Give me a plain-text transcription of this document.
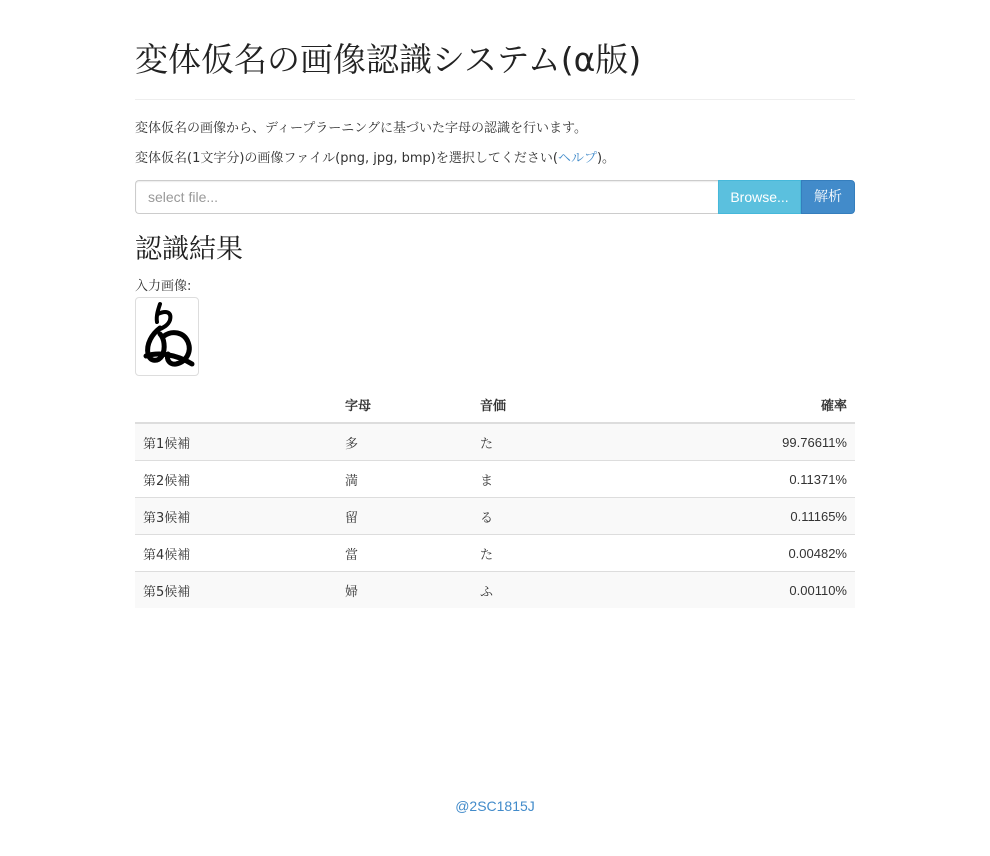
変体仮名の画像認識システム(α版)

変体仮名の画像から、ディープラーニングに基づいた字母の認識を行います。

変体仮名(1文字分)の画像ファイル(png, jpg, bmp)を選択してください(ヘルプ)。

select file...
Browse...	解析
認識結果
入力画像:
	字母	音価	確率
第1候補	多	た	99.76611%
第2候補	満	ま	0.11371%
第3候補	留	る	0.11165%
第4候補	當	た	0.00482%
第5候補	婦	ふ	0.00110%
@2SC1815J
